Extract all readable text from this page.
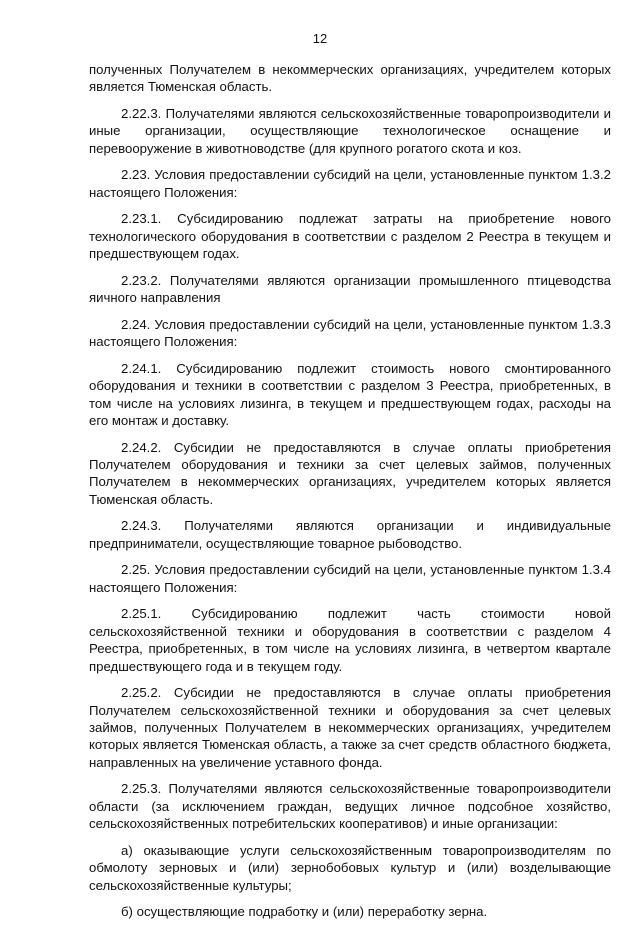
12

полученных Получателем в некоммерческих организациях, учредителем которых является Тюменская область.

2.22.3. Получателями являются сельскохозяйственные товаропроизводители и иные организации, осуществляющие технологическое оснащение и перевооружение в животноводстве (для крупного рогатого скота и коз.

2.23. Условия предоставлении субсидий на цели, установленные пунктом 1.3.2 настоящего Положения:

2.23.1. Субсидированию подлежат затраты на приобретение нового технологического оборудования в соответствии с разделом 2 Реестра в текущем и предшествующем годах.

2.23.2. Получателями являются организации промышленного птицеводства яичного направления

2.24. Условия предоставлении субсидий на цели, установленные пунктом 1.3.3 настоящего Положения:

2.24.1. Субсидированию подлежит стоимость нового смонтированного оборудования и техники в соответствии с разделом 3 Реестра, приобретенных, в том числе на условиях лизинга, в текущем и предшествующем годах, расходы на его монтаж и доставку.

2.24.2. Субсидии не предоставляются в случае оплаты приобретения Получателем оборудования и техники за счет целевых займов, полученных Получателем в некоммерческих организациях, учредителем которых является Тюменская область.

2.24.3. Получателями являются организации и индивидуальные предприниматели, осуществляющие товарное рыбоводство.

2.25. Условия предоставлении субсидий на цели, установленные пунктом 1.3.4 настоящего Положения:

2.25.1. Субсидированию подлежит часть стоимости новой сельскохозяйственной техники и оборудования в соответствии с разделом 4 Реестра, приобретенных, в том числе на условиях лизинга, в четвертом квартале предшествующего года и в текущем году.

2.25.2. Субсидии не предоставляются в случае оплаты приобретения Получателем сельскохозяйственной техники и оборудования за счет целевых займов, полученных Получателем в некоммерческих организациях, учредителем которых является Тюменская область, а также за счет средств областного бюджета, направленных на увеличение уставного фонда.

2.25.3. Получателями являются сельскохозяйственные товаропроизводители области (за исключением граждан, ведущих личное подсобное хозяйство, сельскохозяйственных потребительских кооперативов) и иные организации:

а) оказывающие услуги сельскохозяйственным товаропроизводителям по обмолоту зерновых и (или) зернобобовых культур и (или) возделывающие сельскохозяйственные культуры;

б) осуществляющие подработку и (или) переработку зерна.
